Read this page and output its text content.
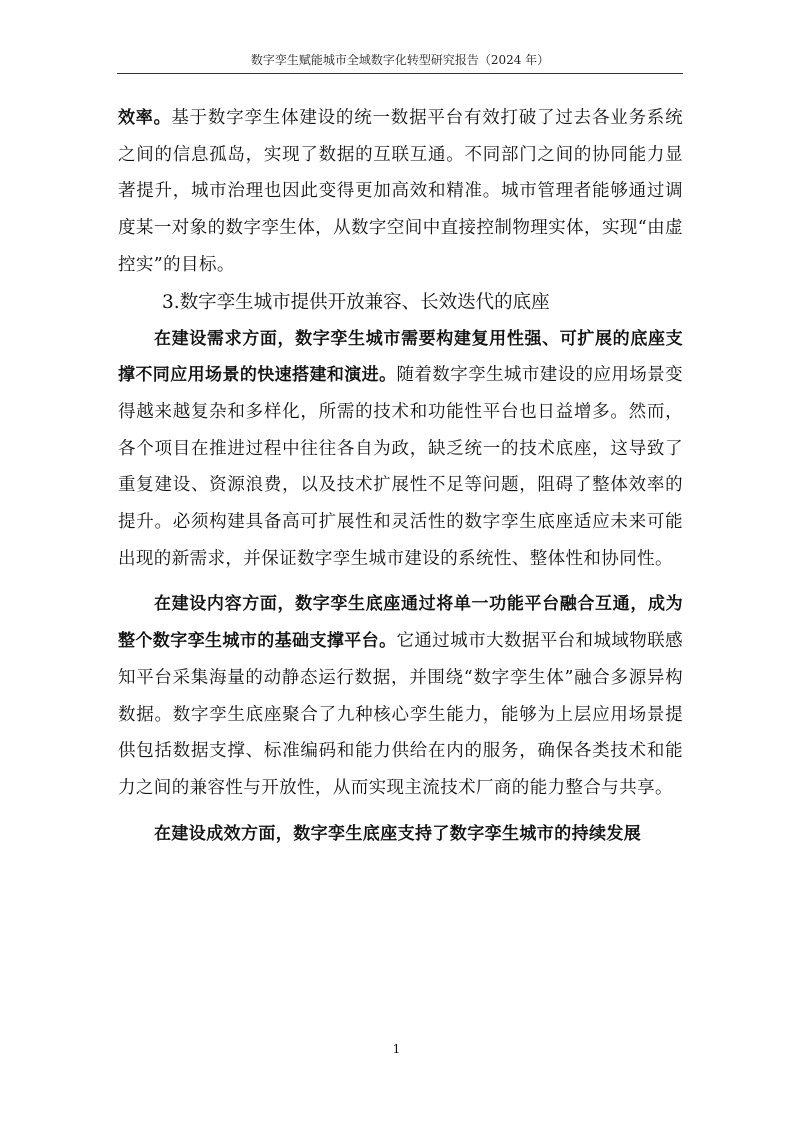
数字孪生赋能城市全域数字化转型研究报告（2024 年）

效率。基于数字孪生体建设的统一数据平台有效打破了过去各业务系统之间的信息孤岛，实现了数据的互联互通。不同部门之间的协同能力显著提升，城市治理也因此变得更加高效和精准。城市管理者能够通过调度某一对象的数字孪生体，从数字空间中直接控制物理实体，实现“由虚控实”的目标。

3.数字孪生城市提供开放兼容、长效迭代的底座

在建设需求方面，数字孪生城市需要构建复用性强、可扩展的底座支撑不同应用场景的快速搭建和演进。随着数字孪生城市建设的应用场景变得越来越复杂和多样化，所需的技术和功能性平台也日益增多。然而，各个项目在推进过程中往往各自为政，缺乏统一的技术底座，这导致了重复建设、资源浪费，以及技术扩展性不足等问题，阻碍了整体效率的提升。必须构建具备高可扩展性和灵活性的数字孪生底座适应未来可能出现的新需求，并保证数字孪生城市建设的系统性、整体性和协同性。

在建设内容方面，数字孪生底座通过将单一功能平台融合互通，成为整个数字孪生城市的基础支撑平台。它通过城市大数据平台和城域物联感知平台采集海量的动静态运行数据，并围绕“数字孪生体”融合多源异构数据。数字孪生底座聚合了九种核心孪生能力，能够为上层应用场景提供包括数据支撑、标准编码和能力供给在内的服务，确保各类技术和能力之间的兼容性与开放性，从而实现主流技术厂商的能力整合与共享。

在建设成效方面，数字孪生底座支持了数字孪生城市的持续发展

1
